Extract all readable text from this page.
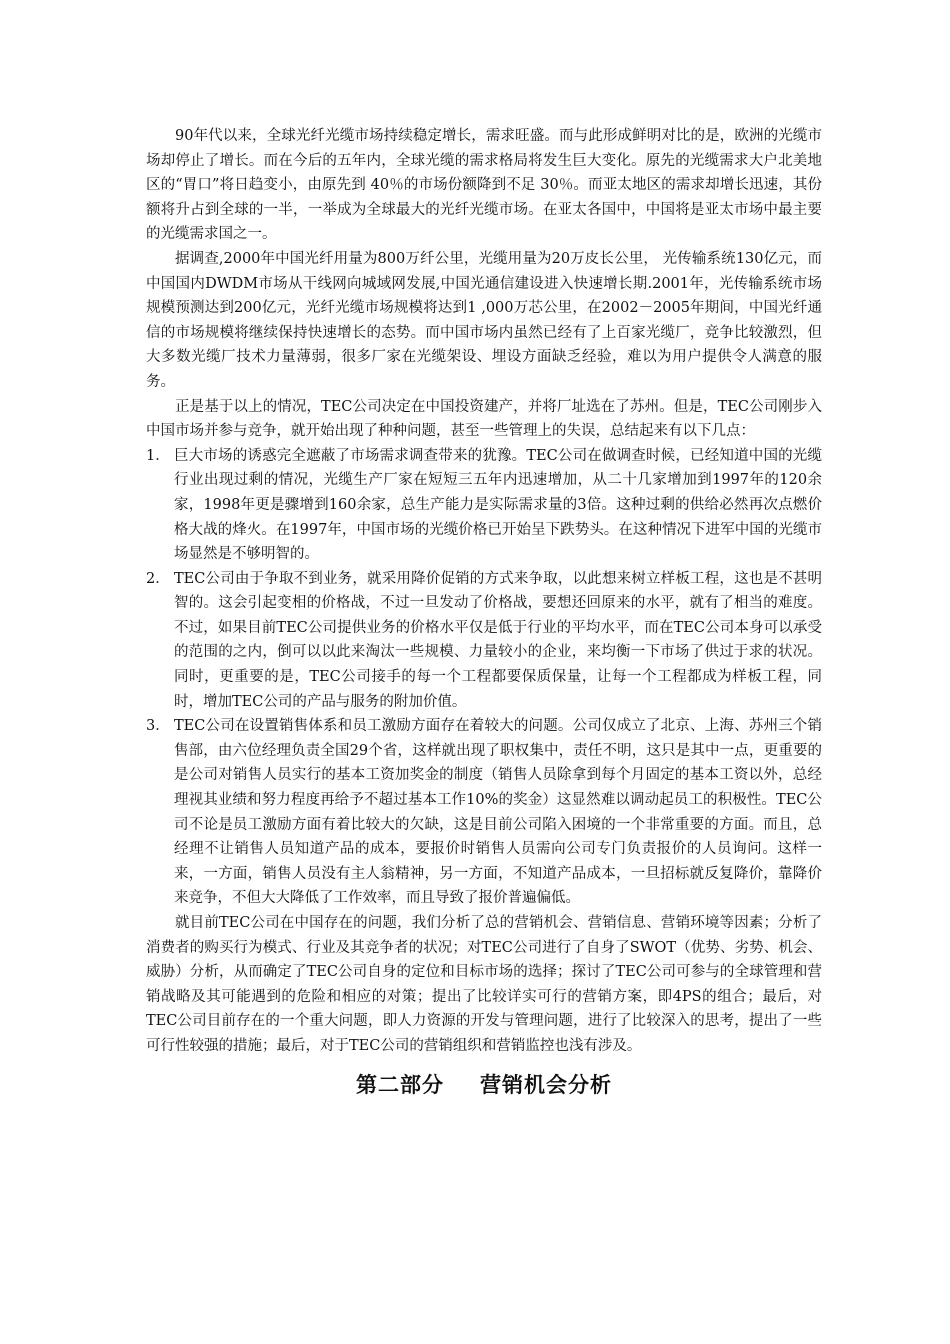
90年代以来，全球光纤光缆市场持续稳定增长，需求旺盛。而与此形成鲜明对比的是，欧洲的光缆市场却停止了增长。而在今后的五年内，全球光缆的需求格局将发生巨大变化。原先的光缆需求大户北美地区的“胃口”将日趋变小，由原先到 40％的市场份额降到不足 30％。而亚太地区的需求却增长迅速，其份额将升占到全球的一半，一举成为全球最大的光纤光缆市场。在亚太各国中，中国将是亚太市场中最主要的光缆需求国之一。

据调查,2000年中国光纤用量为800万纤公里，光缆用量为20万皮长公里， 光传输系统130亿元，而中国国内DWDM市场从干线网向城域网发展,中国光通信建设进入快速增长期.2001年，光传输系统市场规模预测达到200亿元，光纤光缆市场规模将达到1 ,000万芯公里，在2002－2005年期间，中国光纤通信的市场规模将继续保持快速增长的态势。而中国市场内虽然已经有了上百家光缆厂，竞争比较激烈，但大多数光缆厂技术力量薄弱，很多厂家在光缆架设、埋设方面缺乏经验，难以为用户提供令人满意的服务。

正是基于以上的情况，TEC公司决定在中国投资建产，并将厂址选在了苏州。但是，TEC公司刚步入中国市场并参与竞争，就开始出现了种种问题，甚至一些管理上的失误，总结起来有以下几点：

1． 巨大市场的诱惑完全遮蔽了市场需求调查带来的犹豫。TEC公司在做调查时候，已经知道中国的光缆行业出现过剩的情况，光缆生产厂家在短短三五年内迅速增加，从二十几家增加到1997年的120余家，1998年更是骤增到160余家，总生产能力是实际需求量的3倍。这种过剩的供给必然再次点燃价格大战的烽火。在1997年，中国市场的光缆价格已开始呈下跌势头。在这种情况下进军中国的光缆市场显然是不够明智的。
2． TEC公司由于争取不到业务，就采用降价促销的方式来争取，以此想来树立样板工程，这也是不甚明智的。这会引起变相的价格战，不过一旦发动了价格战，要想还回原来的水平，就有了相当的难度。不过，如果目前TEC公司提供业务的价格水平仅是低于行业的平均水平，而在TEC公司本身可以承受的范围的之内，倒可以以此来淘汰一些规模、力量较小的企业，来均衡一下市场了供过于求的状况。同时，更重要的是，TEC公司接手的每一个工程都要保质保量，让每一个工程都成为样板工程，同时，增加TEC公司的产品与服务的附加价值。
3． TEC公司在设置销售体系和员工激励方面存在着较大的问题。公司仅成立了北京、上海、苏州三个销售部，由六位经理负责全国29个省，这样就出现了职权集中，责任不明，这只是其中一点，更重要的是公司对销售人员实行的基本工资加奖金的制度（销售人员除拿到每个月固定的基本工资以外，总经理视其业绩和努力程度再给予不超过基本工作10%的奖金）这显然难以调动起员工的积极性。TEC公司不论是员工激励方面有着比较大的欠缺，这是目前公司陷入困境的一个非常重要的方面。而且，总经理不让销售人员知道产品的成本，要报价时销售人员需向公司专门负责报价的人员询问。这样一来，一方面，销售人员没有主人翁精神，另一方面，不知道产品成本，一旦招标就反复降价，靠降价来竞争，不但大大降低了工作效率，而且导致了报价普遍偏低。

就目前TEC公司在中国存在的问题，我们分析了总的营销机会、营销信息、营销环境等因素；分析了消费者的购买行为模式、行业及其竞争者的状况；对TEC公司进行了自身了SWOT（优势、劣势、机会、威胁）分析，从而确定了TEC公司自身的定位和目标市场的选择；探讨了TEC公司可参与的全球管理和营销战略及其可能遇到的危险和相应的对策；提出了比较详实可行的营销方案，即4PS的组合；最后，对TEC公司目前存在的一个重大问题，即人力资源的开发与管理问题，进行了比较深入的思考，提出了一些可行性较强的措施；最后，对于TEC公司的营销组织和营销监控也浅有涉及。

第二部分 营销机会分析
